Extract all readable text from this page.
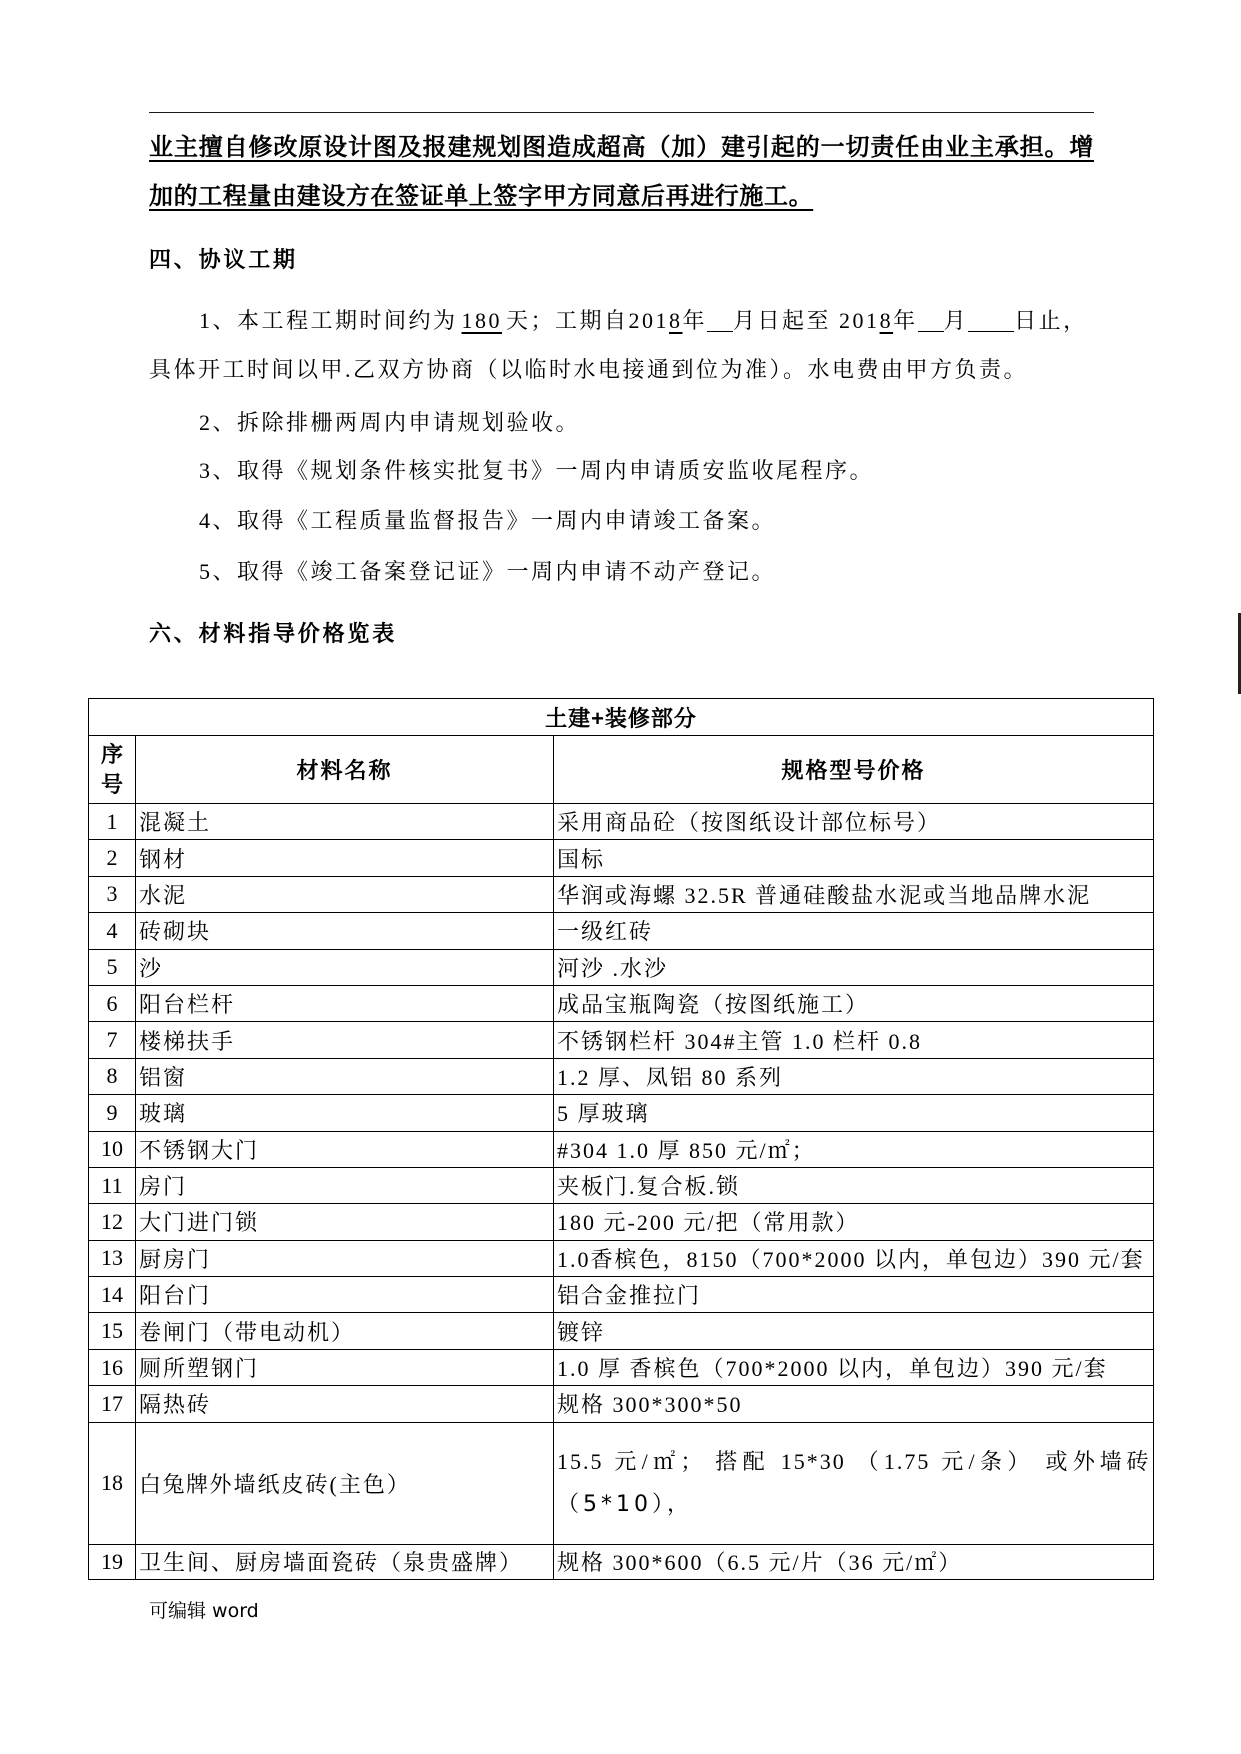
业主擅自修改原设计图及报建规划图造成超高（加）建引起的一切责任由业主承担。增
加的工程量由建设方在签证单上签字甲方同意后再进行施工。
四、协议工期
1、本工程工期时间约为 180 天；工期自2018年 月日起至 2018年 月 日止，
具体开工时间以甲.乙双方协商（以临时水电接通到位为准）。水电费由甲方负责。
2、拆除排栅两周内申请规划验收。
3、取得《规划条件核实批复书》一周内申请质安监收尾程序。
4、取得《工程质量监督报告》一周内申请竣工备案。
5、取得《竣工备案登记证》一周内申请不动产登记。
六、材料指导价格览表
土建+装修部分		

序号	材料名称	规格型号价格
1	混凝土	采用商品砼（按图纸设计部位标号）
2	钢材	国标
3	水泥	华润或海螺 32.5R 普通硅酸盐水泥或当地品牌水泥
4	砖砌块	一级红砖
5	沙	河沙 .水沙
6	阳台栏杆	成品宝瓶陶瓷（按图纸施工）
7	楼梯扶手	不锈钢栏杆 304#主管 1.0 栏杆 0.8
8	铝窗	1.2 厚、凤铝 80 系列
9	玻璃	5 厚玻璃
10	不锈钢大门	#304 1.0 厚 850 元/㎡；
11	房门	夹板门.复合板.锁
12	大门进门锁	180 元-200 元/把（常用款）
13	厨房门	1.0香槟色，8150（700*2000 以内，单包边）390 元/套
14	阳台门	铝合金推拉门
15	卷闸门（带电动机）	镀锌
16	厕所塑钢门	1.0 厚 香槟色（700*2000 以内，单包边）390 元/套
17	隔热砖	规格 300*300*50
18	白兔牌外墙纸皮砖(主色）	15.5 元/㎡； 搭配 15*30 （1.75 元/条） 或外墙砖
（5*10），

19	卫生间、厨房墙面瓷砖（泉贵盛牌）	规格 300*600（6.5 元/片（36 元/㎡）
可编辑 word
